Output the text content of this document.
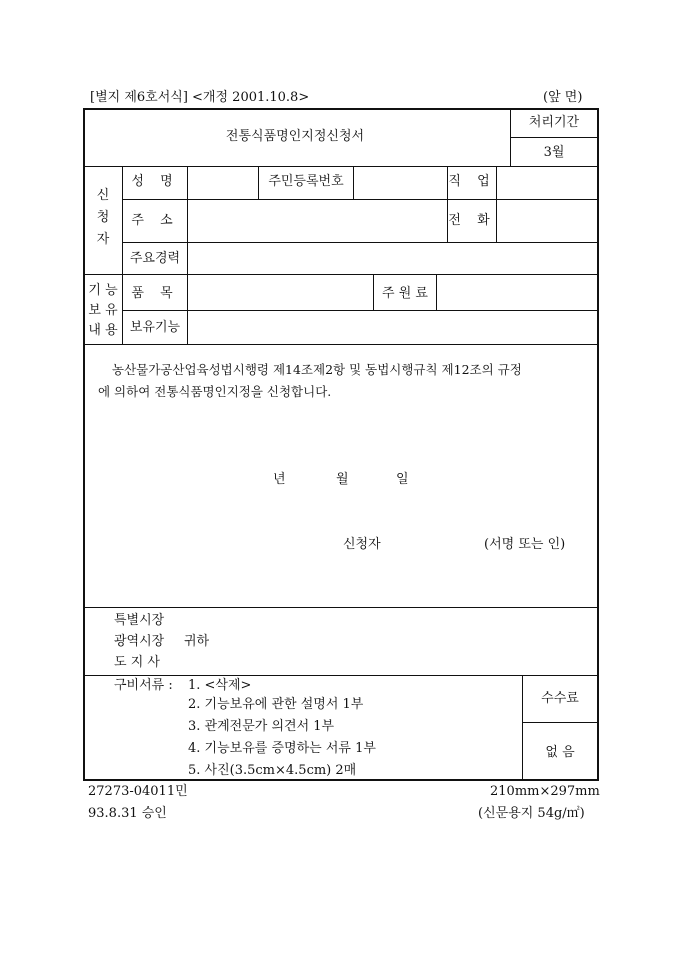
[별지 제6호서식] <개정 2001.10.8>	(앞 면)
전통식품명인지정신청서
처리기간
3월
신
청
자
성 명	주민등록번호	직 업
주 소	전 화
주요경력
기 능
보 유
내 용
품 목	주 원 료
보유기능
농산물가공산업육성법시행령 제14조제2항 및 동법시행규칙 제12조의 규정
에 의하여 전통식품명인지정을 신청합니다.
년	월	일
신청자	(서명 또는 인)
특별시장
광역시장 귀하
도 지 사
구비서류 : 1. <삭제>
2. 기능보유에 관한 설명서 1부
3. 관계전문가 의견서 1부
4. 기능보유를 증명하는 서류 1부
5. 사진(3.5cm×4.5cm) 2매
수수료
없 음
27273-04011민	210mm×297mm
93.8.31 승인	(신문용지 54g/㎡)
